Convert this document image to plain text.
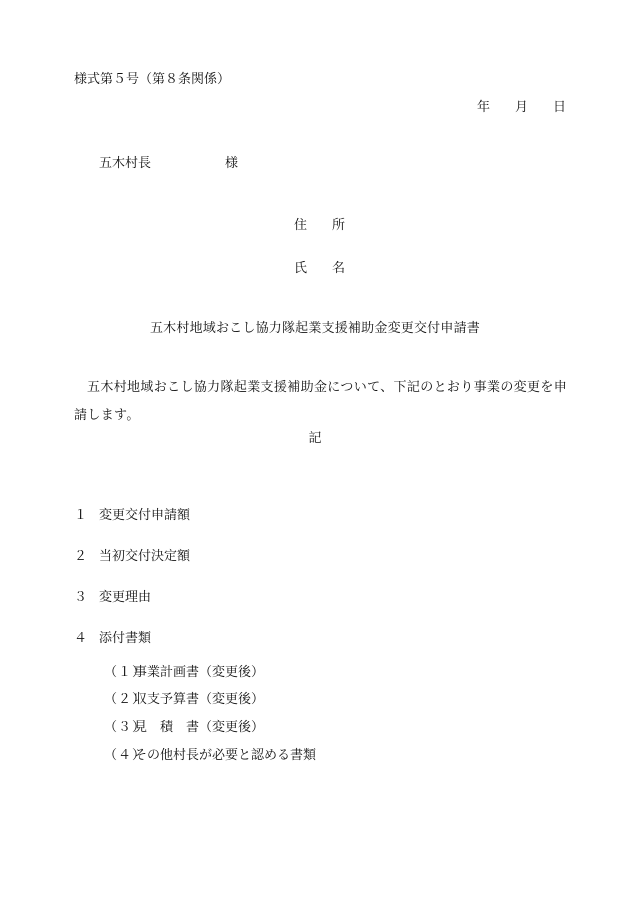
様式第５号（第８条関係）
年	月	日
五木村長	様
住	所
氏	名
五木村地域おこし協力隊起業支援補助金変更交付申請書
五木村地域おこし協力隊起業支援補助金について、下記のとおり事業の変更を申請します。
記
１ 変更交付申請額
２ 当初交付決定額
３ 変更理由
４ 添付書類
（１）
事業計画書（変更後）
（２）
収支予算書（変更後）
（３）
見　積　書（変更後）
（４）
その他村長が必要と認める書類
